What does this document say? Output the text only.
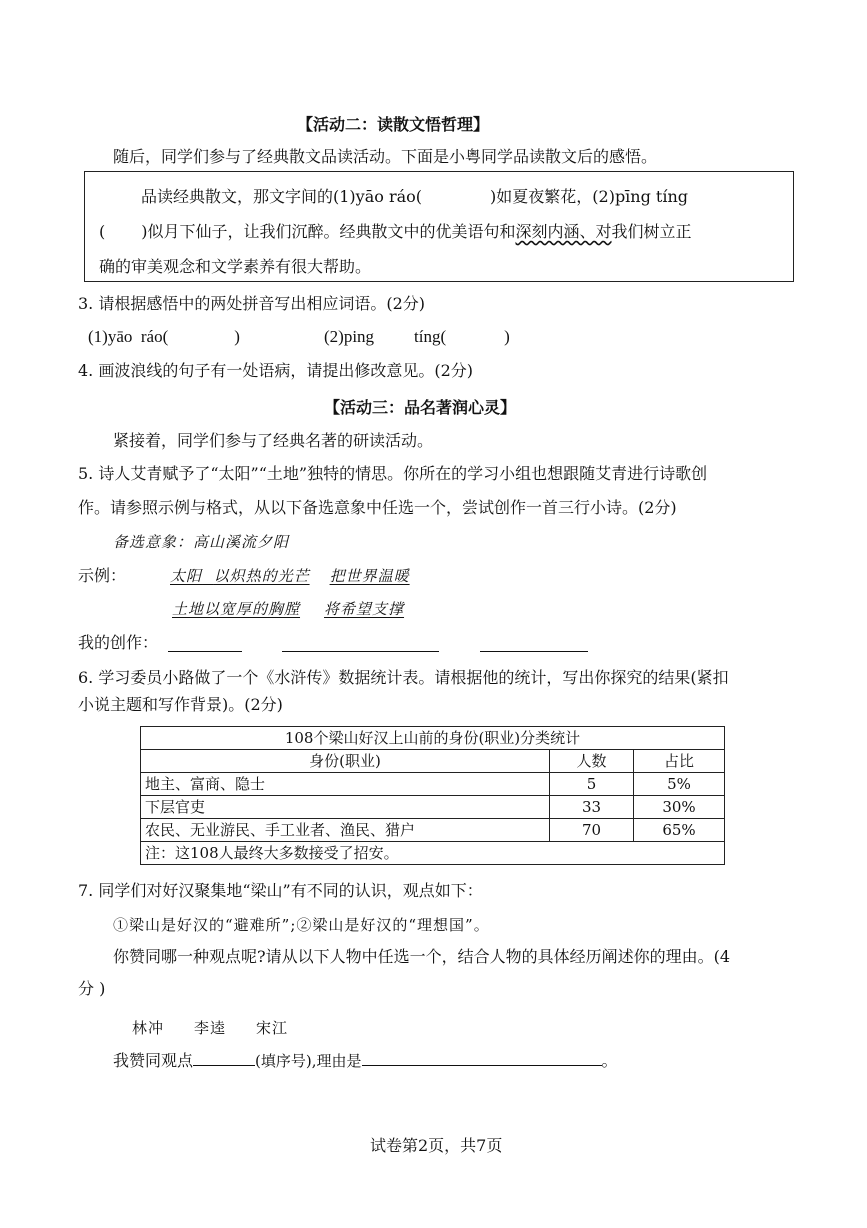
【活动二：读散文悟哲理】
随后，同学们参与了经典散文品读活动。下面是小粤同学品读散文后的感悟。

品读经典散文，那文字间的(1)yāo ráo(	)如夏夜繁花，(2)pīng tíng

( )似月下仙子，让我们沉醉。经典散文中的优美语句和深刻内涵、对我们树立正

确的审美观念和文学素养有很大帮助。

3. 请根据感悟中的两处拼音写出相应词语。(2分)
(1)yāo ráo(	)	(2)ping tíng(	)
4. 画波浪线的句子有一处语病，请提出修改意见。(2分)
【活动三：品名著润心灵】
紧接着，同学们参与了经典名著的研读活动。
5. 诗人艾青赋予了“太阳”“土地”独特的情思。你所在的学习小组也想跟随艾青进行诗歌创
作。请参照示例与格式，从以下备选意象中任选一个，尝试创作一首三行小诗。(2分)
备选意象：高山溪流夕阳
示例：	太阳 以炽热的光芒 把世界温暖
土地以宽厚的胸膛 将希望支撑
我的创作：
6. 学习委员小路做了一个《水浒传》数据统计表。请根据他的统计，写出你探究的结果(紧扣
小说主题和写作背景)。(2分)
108个梁山好汉上山前的身份(职业)分类统计		
身份(职业)	人数	占比
地主、富商、隐士	5	5%
下层官吏	33	30%
农民、无业游民、手工业者、渔民、猎户	70	65%
注：这108人最终大多数接受了招安。		
7. 同学们对好汉聚集地“梁山”有不同的认识，观点如下：
①梁山是好汉的“避难所”;②梁山是好汉的“理想国”。
你赞同哪一种观点呢?请从以下人物中任选一个，结合人物的具体经历阐述你的理由。(4
分 )
林冲 李逵 宋江
我赞同观点	(填序号),理由是	。
试卷第2页，共7页
